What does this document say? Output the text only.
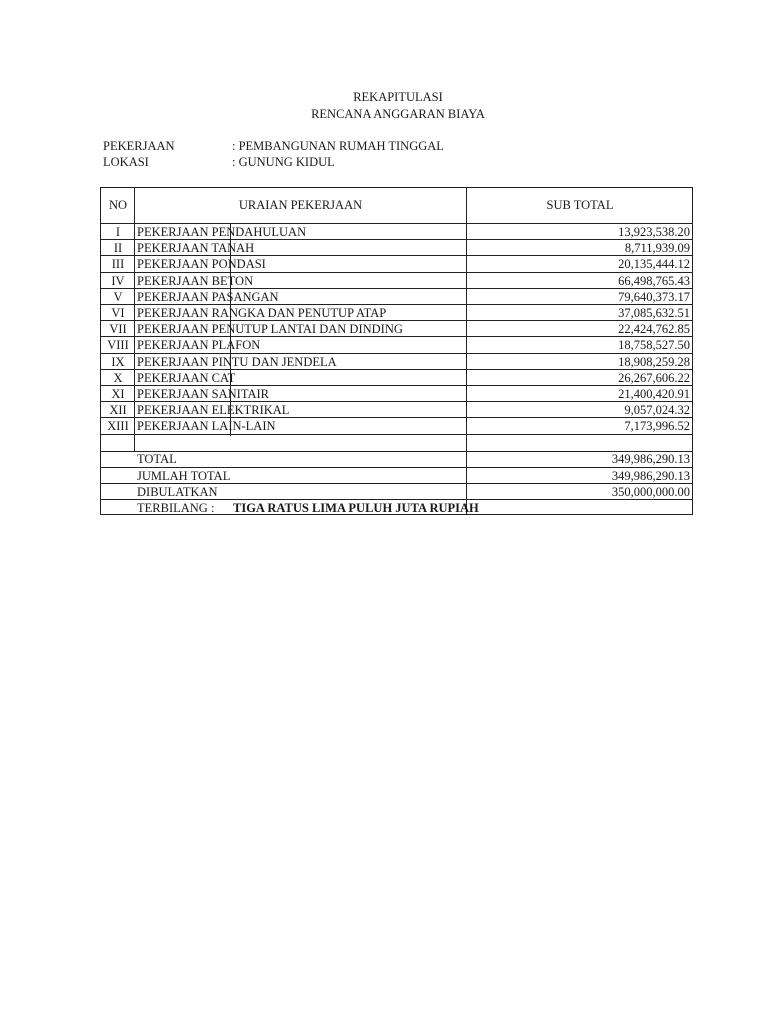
REKAPITULASI
RENCANA ANGGARAN BIAYA
PEKERJAAN	: PEMBANGUNAN RUMAH TINGGAL
LOKASI	: GUNUNG KIDUL
NO	URAIAN PEKERJAAN	SUB TOTAL
I	PEKERJAAN PENDAHULUAN	13,923,538.20
II	PEKERJAAN TANAH	8,711,939.09
III	PEKERJAAN PONDASI	20,135,444.12
IV PEKERJAAN BETON	66,498,765.43
V	PEKERJAAN PASANGAN	79,640,373.17
VI PEKERJAAN RANGKA DAN PENUTUP ATAP	37,085,632.51
VII PEKERJAAN PENUTUP LANTAI DAN DINDING	22,424,762.85
VIII PEKERJAAN PLAFON	18,758,527.50
IX PEKERJAAN PINTU DAN JENDELA	18,908,259.28
X	PEKERJAAN CAT	26,267,606.22
XI PEKERJAAN SANITAIR	21,400,420.91
XII PEKERJAAN ELEKTRIKAL	9,057,024.32
XIII PEKERJAAN LAIN-LAIN	7,173,996.52
TOTAL	349,986,290.13
JUMLAH TOTAL	349,986,290.13
DIBULATKAN	350,000,000.00
TERBILANG : TIGA RATUS LIMA PULUH JUTA RUPIAH
